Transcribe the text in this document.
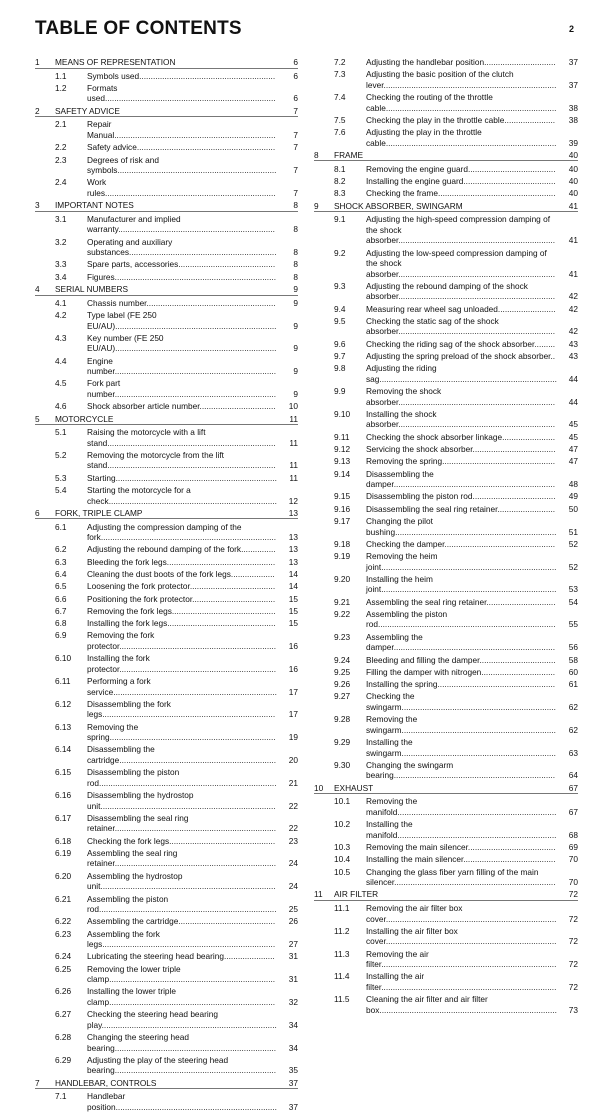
TABLE OF CONTENTS	2
1 MEANS OF REPRESENTATION	6
1.1 Symbols used...........................................................	6
1.2 Formats used.......................................................................... 6
2 SAFETY ADVICE	7
2.1 Repair Manual...................................................................... 7
2.2 Safety advice............................................................	7
2.3 Degrees of risk and symbols..................................................................... 7
2.4 Work rules.......................................................................... 7
3 IMPORTANT NOTES	8
3.1 Manufacturer and implied warranty....................................................................	8
3.2 Operating and auxiliary substances................................................................ 8
3.3 Spare parts, accessories..........................................	8
3.4 Figures...................................................................... 8
4 SERIAL NUMBERS	9
4.1 Chassis number........................................................ 9
4.2 Type label (FE 250 EU/AU)...................................................................... 9
4.3 Key number (FE 250 EU/AU)...................................................................... 9
4.4 Engine number...................................................................... 9
4.5 Fork part number...................................................................... 9
4.6 Shock absorber article number................................. 10
5 MOTORCYCLE	11
5.1 Raising the motorcycle with a lift stand......................................................................... 11
5.2 Removing the motorcycle from the lift stand......................................................................... 11
5.3 Starting...................................................................... 11
5.4 Starting the motorcycle for a check......................................................................... 12
6 FORK, TRIPLE CLAMP	13
6.1 Adjusting the compression damping of the fork............................................................................ 13
6.2 Adjusting the rebound damping of the fork............... 13
6.3 Bleeding the fork legs...............................................	13
6.4 Cleaning the dust boots of the fork legs...................	14
6.5 Loosening the fork protector.....................................	14
6.6 Positioning the fork protector....................................	15
6.7 Removing the fork legs............................................. 15
6.8 Installing the fork legs............................................... 15
6.9 Removing the fork protector.................................................................... 16
6.10 Installing the fork protector.................................................................... 16
6.11 Performing a fork service....................................................................... 17
6.12 Disassembling the fork legs...........................................................................	17
6.13 Removing the spring........................................................................ 19
6.14 Disassembling the cartridge.................................................................... 20
6.15 Disassembling the piston rod............................................................................. 21
6.16 Disassembling the hydrostop unit............................................................................ 22
6.17 Disassembling the seal ring retainer...................................................................... 22
6.18 Checking the fork legs..............................................	23
6.19 Assembling the seal ring retainer...................................................................... 24
6.20 Assembling the hydrostop unit............................................................................ 24
6.21 Assembling the piston rod............................................................................. 25
6.22 Assembling the cartridge..........................................	26
6.23 Assembling the fork legs...........................................................................	27
6.24 Lubricating the steering head bearing......................	31
6.25 Removing the lower triple clamp........................................................................	31
6.26 Installing the lower triple clamp........................................................................	32
6.27 Checking the steering head bearing play............................................................................ 34
6.28 Changing the steering head bearing...................................................................... 34
6.29 Adjusting the play of the steering head bearing...................................................................... 35
7 HANDLEBAR, CONTROLS	37
7.1 Handlebar position...................................................................... 37
7.2 Adjusting the handlebar position............................... 37
7.3 Adjusting the basic position of the clutch lever........................................................................... 37
7.4 Checking the routing of the throttle cable.......................................................................... 38
7.5 Checking the play in the throttle cable......................	38
7.6 Adjusting the play in the throttle cable.......................................................................... 39
8 FRAME	40
8.1 Removing the engine guard...................................... 40
8.2 Installing the engine guard........................................ 40
8.3 Checking the frame................................................... 40
9 SHOCK ABSORBER, SWINGARM	41
9.1 Adjusting the high-speed compression damping of the shock absorber....................................................................	41
9.2 Adjusting the low-speed compression damping of the shock absorber....................................................................	41
9.3 Adjusting the rebound damping of the shock absorber....................................................................	42
9.4 Measuring rear wheel sag unloaded......................... 42
9.5 Checking the static sag of the shock absorber....................................................................	42
9.6 Checking the riding sag of the shock absorber.........	43
9.7 Adjusting the spring preload of the shock absorber..	43
9.8 Adjusting the riding sag............................................................................. 44
9.9 Removing the shock absorber....................................................................	44
9.10 Installing the shock absorber....................................................................	45
9.11 Checking the shock absorber linkage.......................	45
9.12 Servicing the shock absorber.................................... 47
9.13 Removing the spring.................................................	47
9.14 Disassembling the damper......................................................................	48
9.15 Disassembling the piston rod.................................... 49
9.16 Disassembling the seal ring retainer.........................	50
9.17 Changing the pilot bushing...................................................................... 51
9.18 Checking the damper................................................	52
9.19 Removing the heim joint............................................................................ 52
9.20 Installing the heim joint............................................................................ 53
9.21 Assembling the seal ring retainer.............................. 54
9.22 Assembling the piston rod.............................................................................	55
9.23 Assembling the damper......................................................................	56
9.24 Bleeding and filling the damper................................. 58
9.25 Filling the damper with nitrogen................................	60
9.26 Installing the spring...................................................	61
9.27 Checking the swingarm................................................................... 62
9.28 Removing the swingarm................................................................... 62
9.29 Installing the swingarm................................................................... 63
9.30 Changing the swingarm bearing......................................................................	64
10 EXHAUST	67
10.1 Removing the manifold..................................................................... 67
10.2 Installing the manifold..................................................................... 68
10.3 Removing the main silencer...................................... 69
10.4 Installing the main silencer........................................ 70
10.5 Changing the glass fiber yarn filling of the main silencer...................................................................... 70
11 AIR FILTER	72
11.1 Removing the air filter box cover.......................................................................... 72
11.2 Installing the air filter box cover.......................................................................... 72
11.3 Removing the air filter............................................................................ 72
11.4 Installing the air filter............................................................................ 72
11.5 Cleaning the air filter and air filter box............................................................................. 73
